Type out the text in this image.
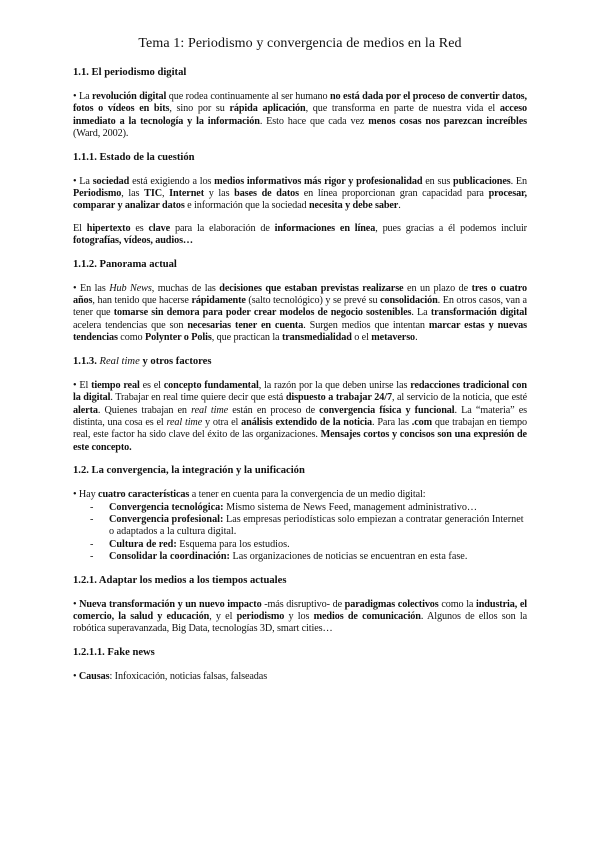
Tema 1: Periodismo y convergencia de medios en la Red
1.1. El periodismo digital

• La revolución digital que rodea continuamente al ser humano no está dada por el proceso de convertir datos, fotos o vídeos en bits, sino por su rápida aplicación, que transforma en parte de nuestra vida el acceso inmediato a la tecnología y la información. Esto hace que cada vez menos cosas nos parezcan increíbles (Ward, 2002).

1.1.1. Estado de la cuestión

• La sociedad está exigiendo a los medios informativos más rigor y profesionalidad en sus publicaciones. En Periodismo, las TIC, Internet y las bases de datos en línea proporcionan gran capacidad para procesar, comparar y analizar datos e información que la sociedad necesita y debe saber.

El hipertexto es clave para la elaboración de informaciones en línea, pues gracias a él podemos incluir fotografías, vídeos, audios…

1.1.2. Panorama actual

• En las Hub News, muchas de las decisiones que estaban previstas realizarse en un plazo de tres o cuatro años, han tenido que hacerse rápidamente (salto tecnológico) y se prevé su consolidación. En otros casos, van a tener que tomarse sin demora para poder crear modelos de negocio sostenibles. La transformación digital acelera tendencias que son necesarias tener en cuenta. Surgen medios que intentan marcar estas y nuevas tendencias como Polynter o Polis, que practican la transmedialidad o el metaverso.

1.1.3. Real time y otros factores

• El tiempo real es el concepto fundamental, la razón por la que deben unirse las redacciones tradicional con la digital. Trabajar en real time quiere decir que está dispuesto a trabajar 24/7, al servicio de la noticia, que esté alerta. Quienes trabajan en real time están en proceso de convergencia física y funcional. La “materia” es distinta, una cosa es el real time y otra el análisis extendido de la noticia. Para las .com que trabajan en tiempo real, este factor ha sido clave del éxito de las organizaciones. Mensajes cortos y concisos son una expresión de este concepto.

1.2. La convergencia, la integración y la unificación

• Hay cuatro características a tener en cuenta para la convergencia de un medio digital:

- Convergencia tecnológica: Mismo sistema de News Feed, management administrativo…
- Convergencia profesional: Las empresas periodísticas solo empiezan a contratar generación Internet o adaptados a la cultura digital.
- Cultura de red: Esquema para los estudios.
- Consolidar la coordinación: Las organizaciones de noticias se encuentran en esta fase.
1.2.1. Adaptar los medios a los tiempos actuales

• Nueva transformación y un nuevo impacto -más disruptivo- de paradigmas colectivos como la industria, el comercio, la salud y educación, y el periodismo y los medios de comunicación. Algunos de ellos son la robótica superavanzada, Big Data, tecnologías 3D, smart cities…

1.2.1.1. Fake news

• Causas: Infoxicación, noticias falsas, falseadas
